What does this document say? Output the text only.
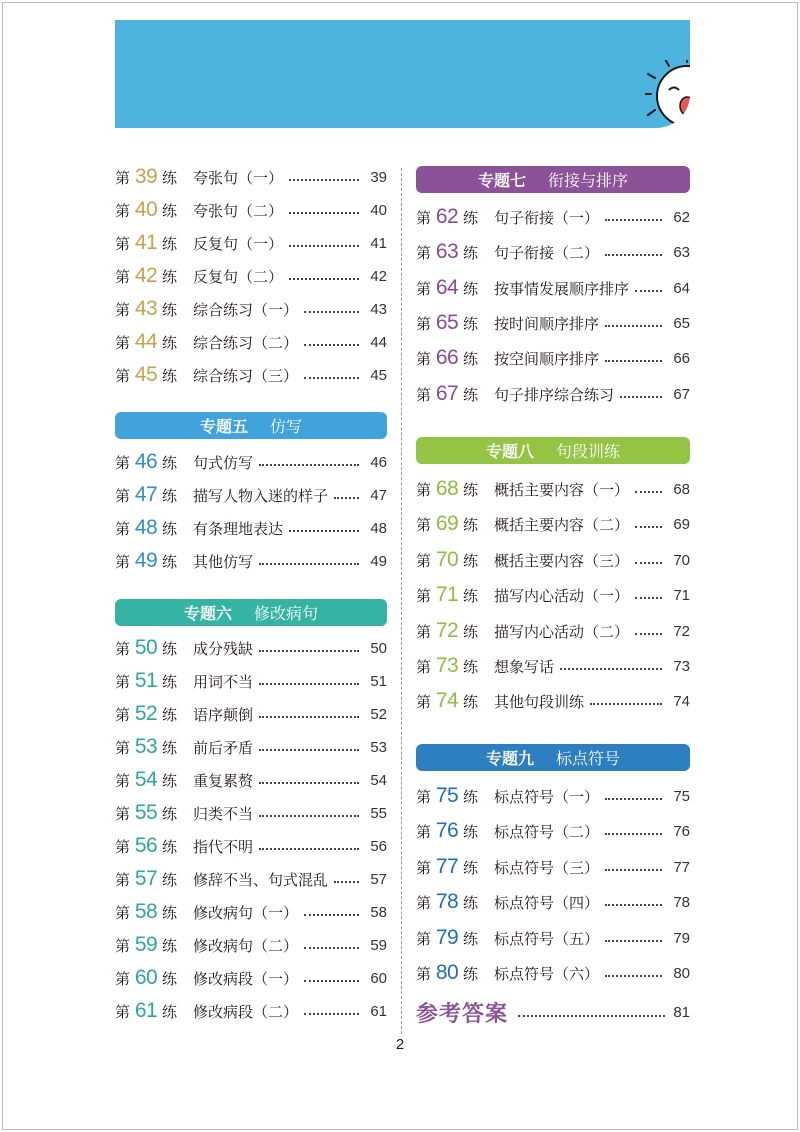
第 39 练 夸张句（一）	39
第 40 练 夸张句（二）	40
第 41 练 反复句（一）	41
第 42 练 反复句（二）	42
第 43 练 综合练习（一）	43
第 44 练 综合练习（二）	44
第 45 练 综合练习（三）	45
专题五 仿写
第 46 练 句式仿写	46
第 47 练 描写人物入迷的样子	47
第 48 练 有条理地表达	48
第 49 练 其他仿写	49
专题六 修改病句
第 50 练 成分残缺	50
第 51 练 用词不当	51
第 52 练 语序颠倒	52
第 53 练 前后矛盾	53
第 54 练 重复累赘	54
第 55 练 归类不当	55
第 56 练 指代不明	56
第 57 练 修辞不当、句式混乱	57
第 58 练 修改病句（一）	58
第 59 练 修改病句（二）	59
第 60 练 修改病段（一）	60
第 61 练 修改病段（二）	61
专题七 衔接与排序
第 62 练 句子衔接（一）	62
第 63 练 句子衔接（二）	63
第 64 练 按事情发展顺序排序	64
第 65 练 按时间顺序排序	65
第 66 练 按空间顺序排序	66
第 67 练 句子排序综合练习	67
专题八 句段训练
第 68 练 概括主要内容（一）	68
第 69 练 概括主要内容（二）	69
第 70 练 概括主要内容（三）	70
第 71 练 描写内心活动（一）	71
第 72 练 描写内心活动（二）	72
第 73 练 想象写话	73
第 74 练 其他句段训练	74
专题九 标点符号
第 75 练 标点符号（一）	75
第 76 练 标点符号（二）	76
第 77 练 标点符号（三）	77
第 78 练 标点符号（四）	78
第 79 练 标点符号（五）	79
第 80 练 标点符号（六）	80
参考答案	81
2
